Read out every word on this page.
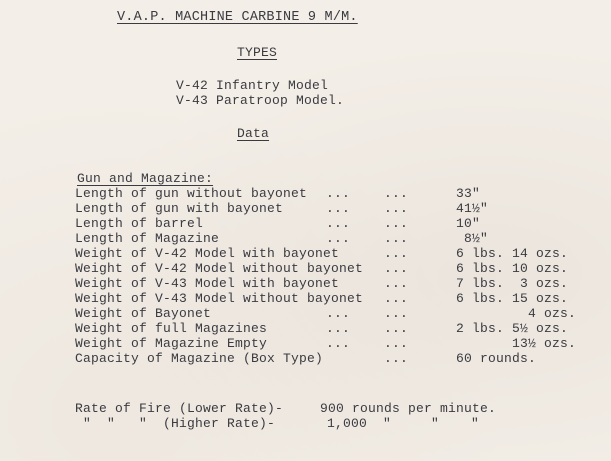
V.A.P. MACHINE CARBINE 9 M/M.
TYPES
V-42 Infantry Model
V-43 Paratroop Model.
Data
Gun and Magazine:
Length of gun without bayonet ...	...	33"
Length of gun with bayonet	...	...	41½"
Length of barrel	...	...	10"
Length of Magazine	...	...	8½"
Weight of V-42 Model with bayonet	...	6 lbs. 14 ozs.
Weight of V-42 Model without bayonet ...	6 lbs. 10 ozs.
Weight of V-43 Model with bayonet	...	7 lbs.  3 ozs.
Weight of V-43 Model without bayonet ...	6 lbs. 15 ozs.
Weight of Bayonet	...	...	4 ozs.
Weight of full Magazines	...	...	2 lbs. 5½ ozs.
Weight of Magazine Empty	...	...	13½ ozs.
Capacity of Magazine (Box Type)	...	60 rounds.
Rate of Fire (Lower Rate)-	900 rounds per minute.
"  "   "  (Higher Rate)-	1,000  "     "    "
